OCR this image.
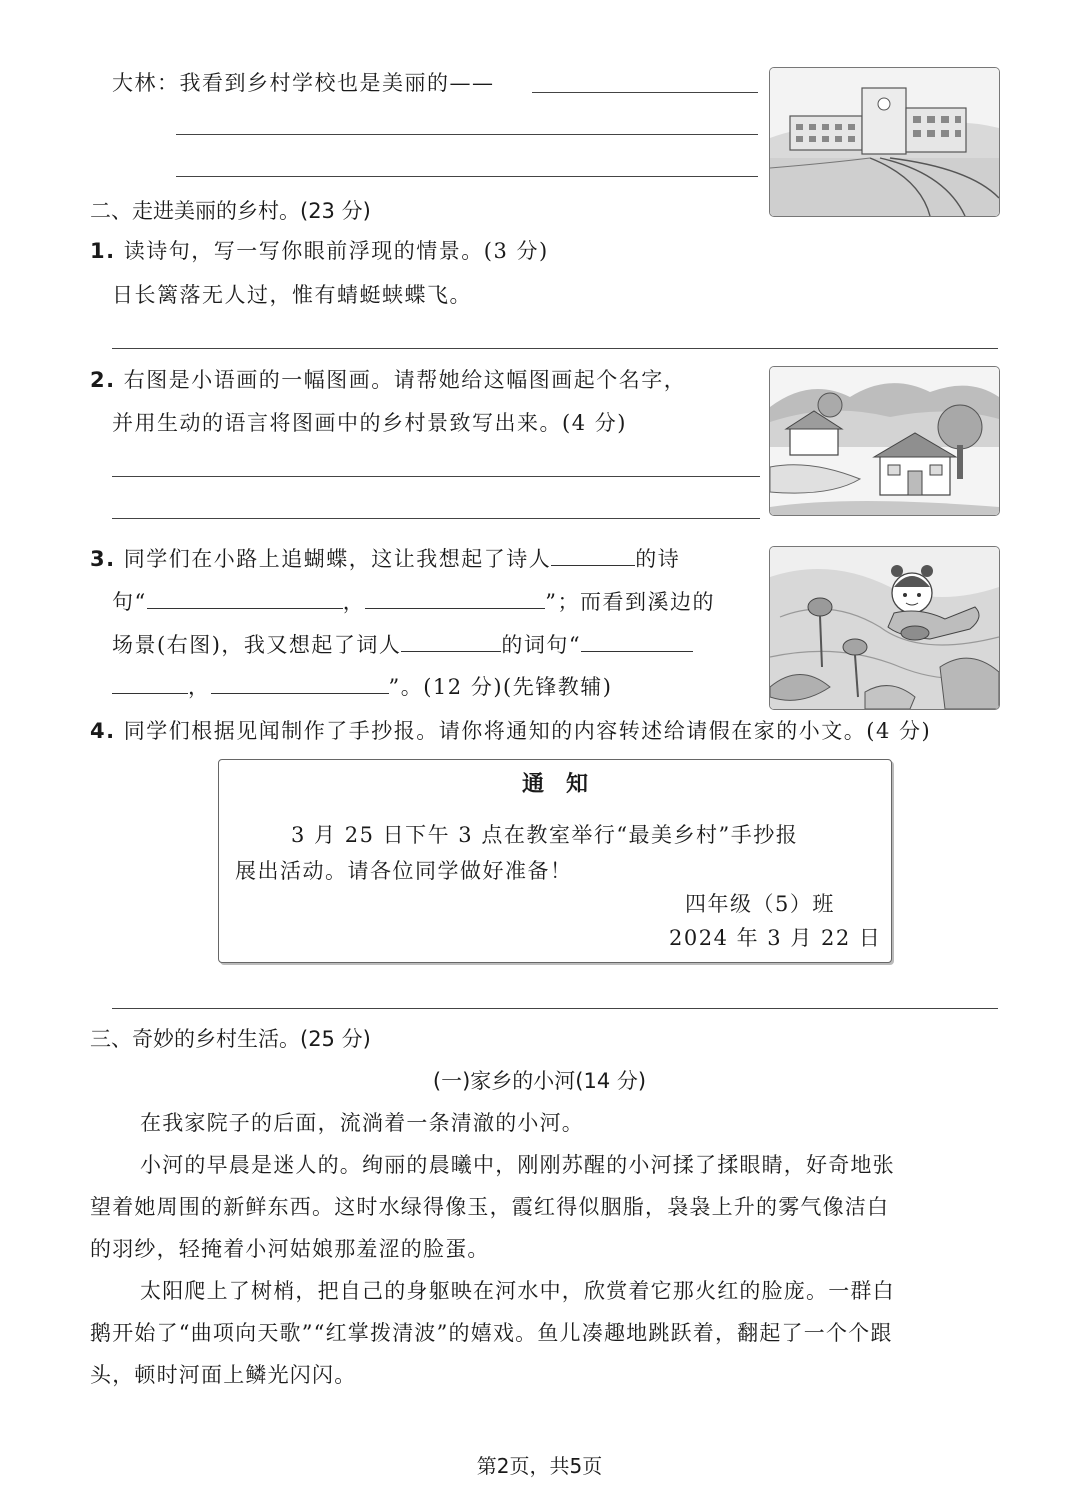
大林：我看到乡村学校也是美丽的——
二、走进美丽的乡村。(23 分)
1. 读诗句，写一写你眼前浮现的情景。(3 分)
日长篱落无人过，惟有蜻蜓蛱蝶飞。
2. 右图是小语画的一幅图画。请帮她给这幅图画起个名字，
并用生动的语言将图画中的乡村景致写出来。(4 分)
3. 同学们在小路上追蝴蝶，这让我想起了诗人	的诗
句“	，	”；而看到溪边的
场景(右图)，我又想起了词人	的词句“
，	”。(12 分)(先锋教辅)
4. 同学们根据见闻制作了手抄报。请你将通知的内容转述给请假在家的小文。(4 分)
通　知
3 月 25 日下午 3 点在教室举行“最美乡村”手抄报
展出活动。请各位同学做好准备！
四年级（5）班
2024 年 3 月 22 日
三、奇妙的乡村生活。(25 分)
(一)家乡的小河(14 分)
在我家院子的后面，流淌着一条清澈的小河。
小河的早晨是迷人的。绚丽的晨曦中，刚刚苏醒的小河揉了揉眼睛，好奇地张
望着她周围的新鲜东西。这时水绿得像玉，霞红得似胭脂，袅袅上升的雾气像洁白
的羽纱，轻掩着小河姑娘那羞涩的脸蛋。
太阳爬上了树梢，把自己的身躯映在河水中，欣赏着它那火红的脸庞。一群白
鹅开始了“曲项向天歌”“红掌拨清波”的嬉戏。鱼儿凑趣地跳跃着，翻起了一个个跟
头，顿时河面上鳞光闪闪。
第2页，共5页
